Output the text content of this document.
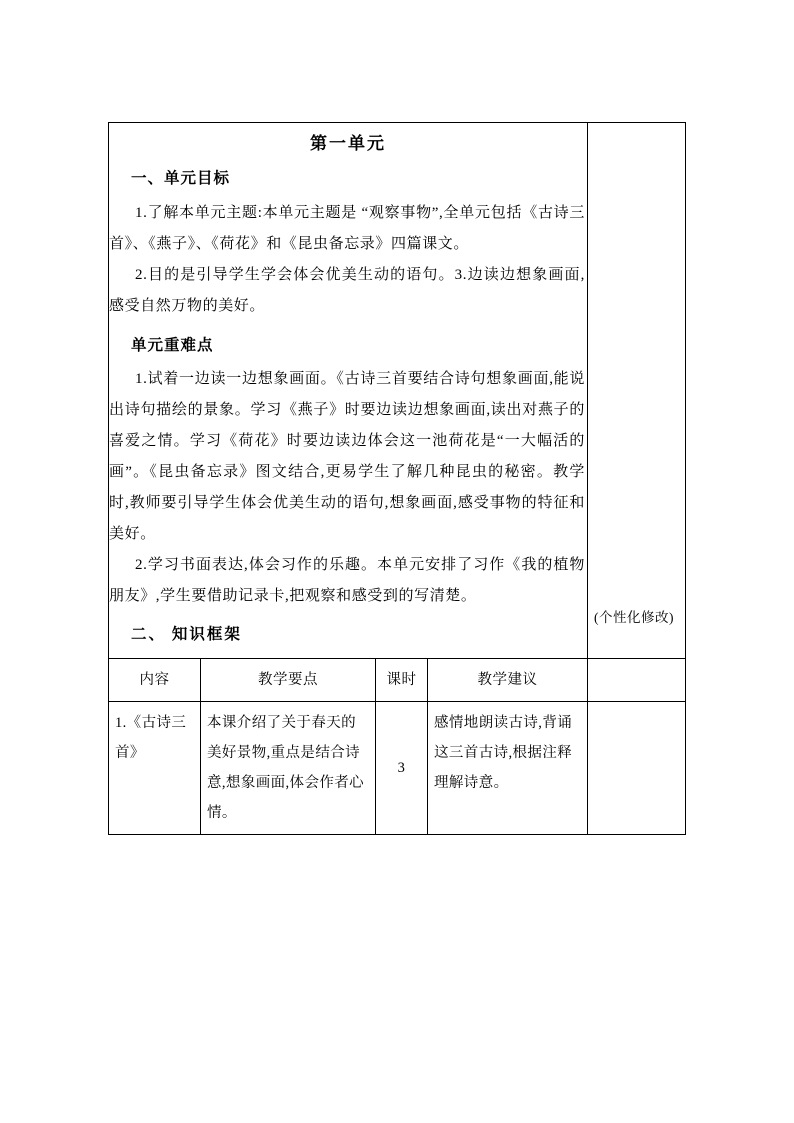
第一单元
一、单元目标

1.了解本单元主题:本单元主题是 “观察事物”,全单元包括《古诗三首》、《燕子》、《荷花》和《昆虫备忘录》四篇课文。

2.目的是引导学生学会体会优美生动的语句。3.边读边想象画面,感受自然万物的美好。

单元重难点

1.试着一边读一边想象画面。《古诗三首要结合诗句想象画面,能说出诗句描绘的景象。学习《燕子》时要边读边想象画面,读出对燕子的喜爱之情。学习《荷花》时要边读边体会这一池荷花是“一大幅活的画”。《昆虫备忘录》图文结合,更易学生了解几种昆虫的秘密。教学时,教师要引导学生体会优美生动的语句,想象画面,感受事物的特征和美好。

2.学习书面表达,体会习作的乐趣。本单元安排了习作《我的植物朋友》,学生要借助记录卡,把观察和感受到的写清楚。

二、 知识框架

(个性化修改)

内容	教学要点	课时	教学建议	

1.《古诗三首》	本课介绍了关于春天的美好景物,重点是结合诗意,想象画面,体会作者心情。	3	感情地朗读古诗,背诵这三首古诗,根据注释理解诗意。	
